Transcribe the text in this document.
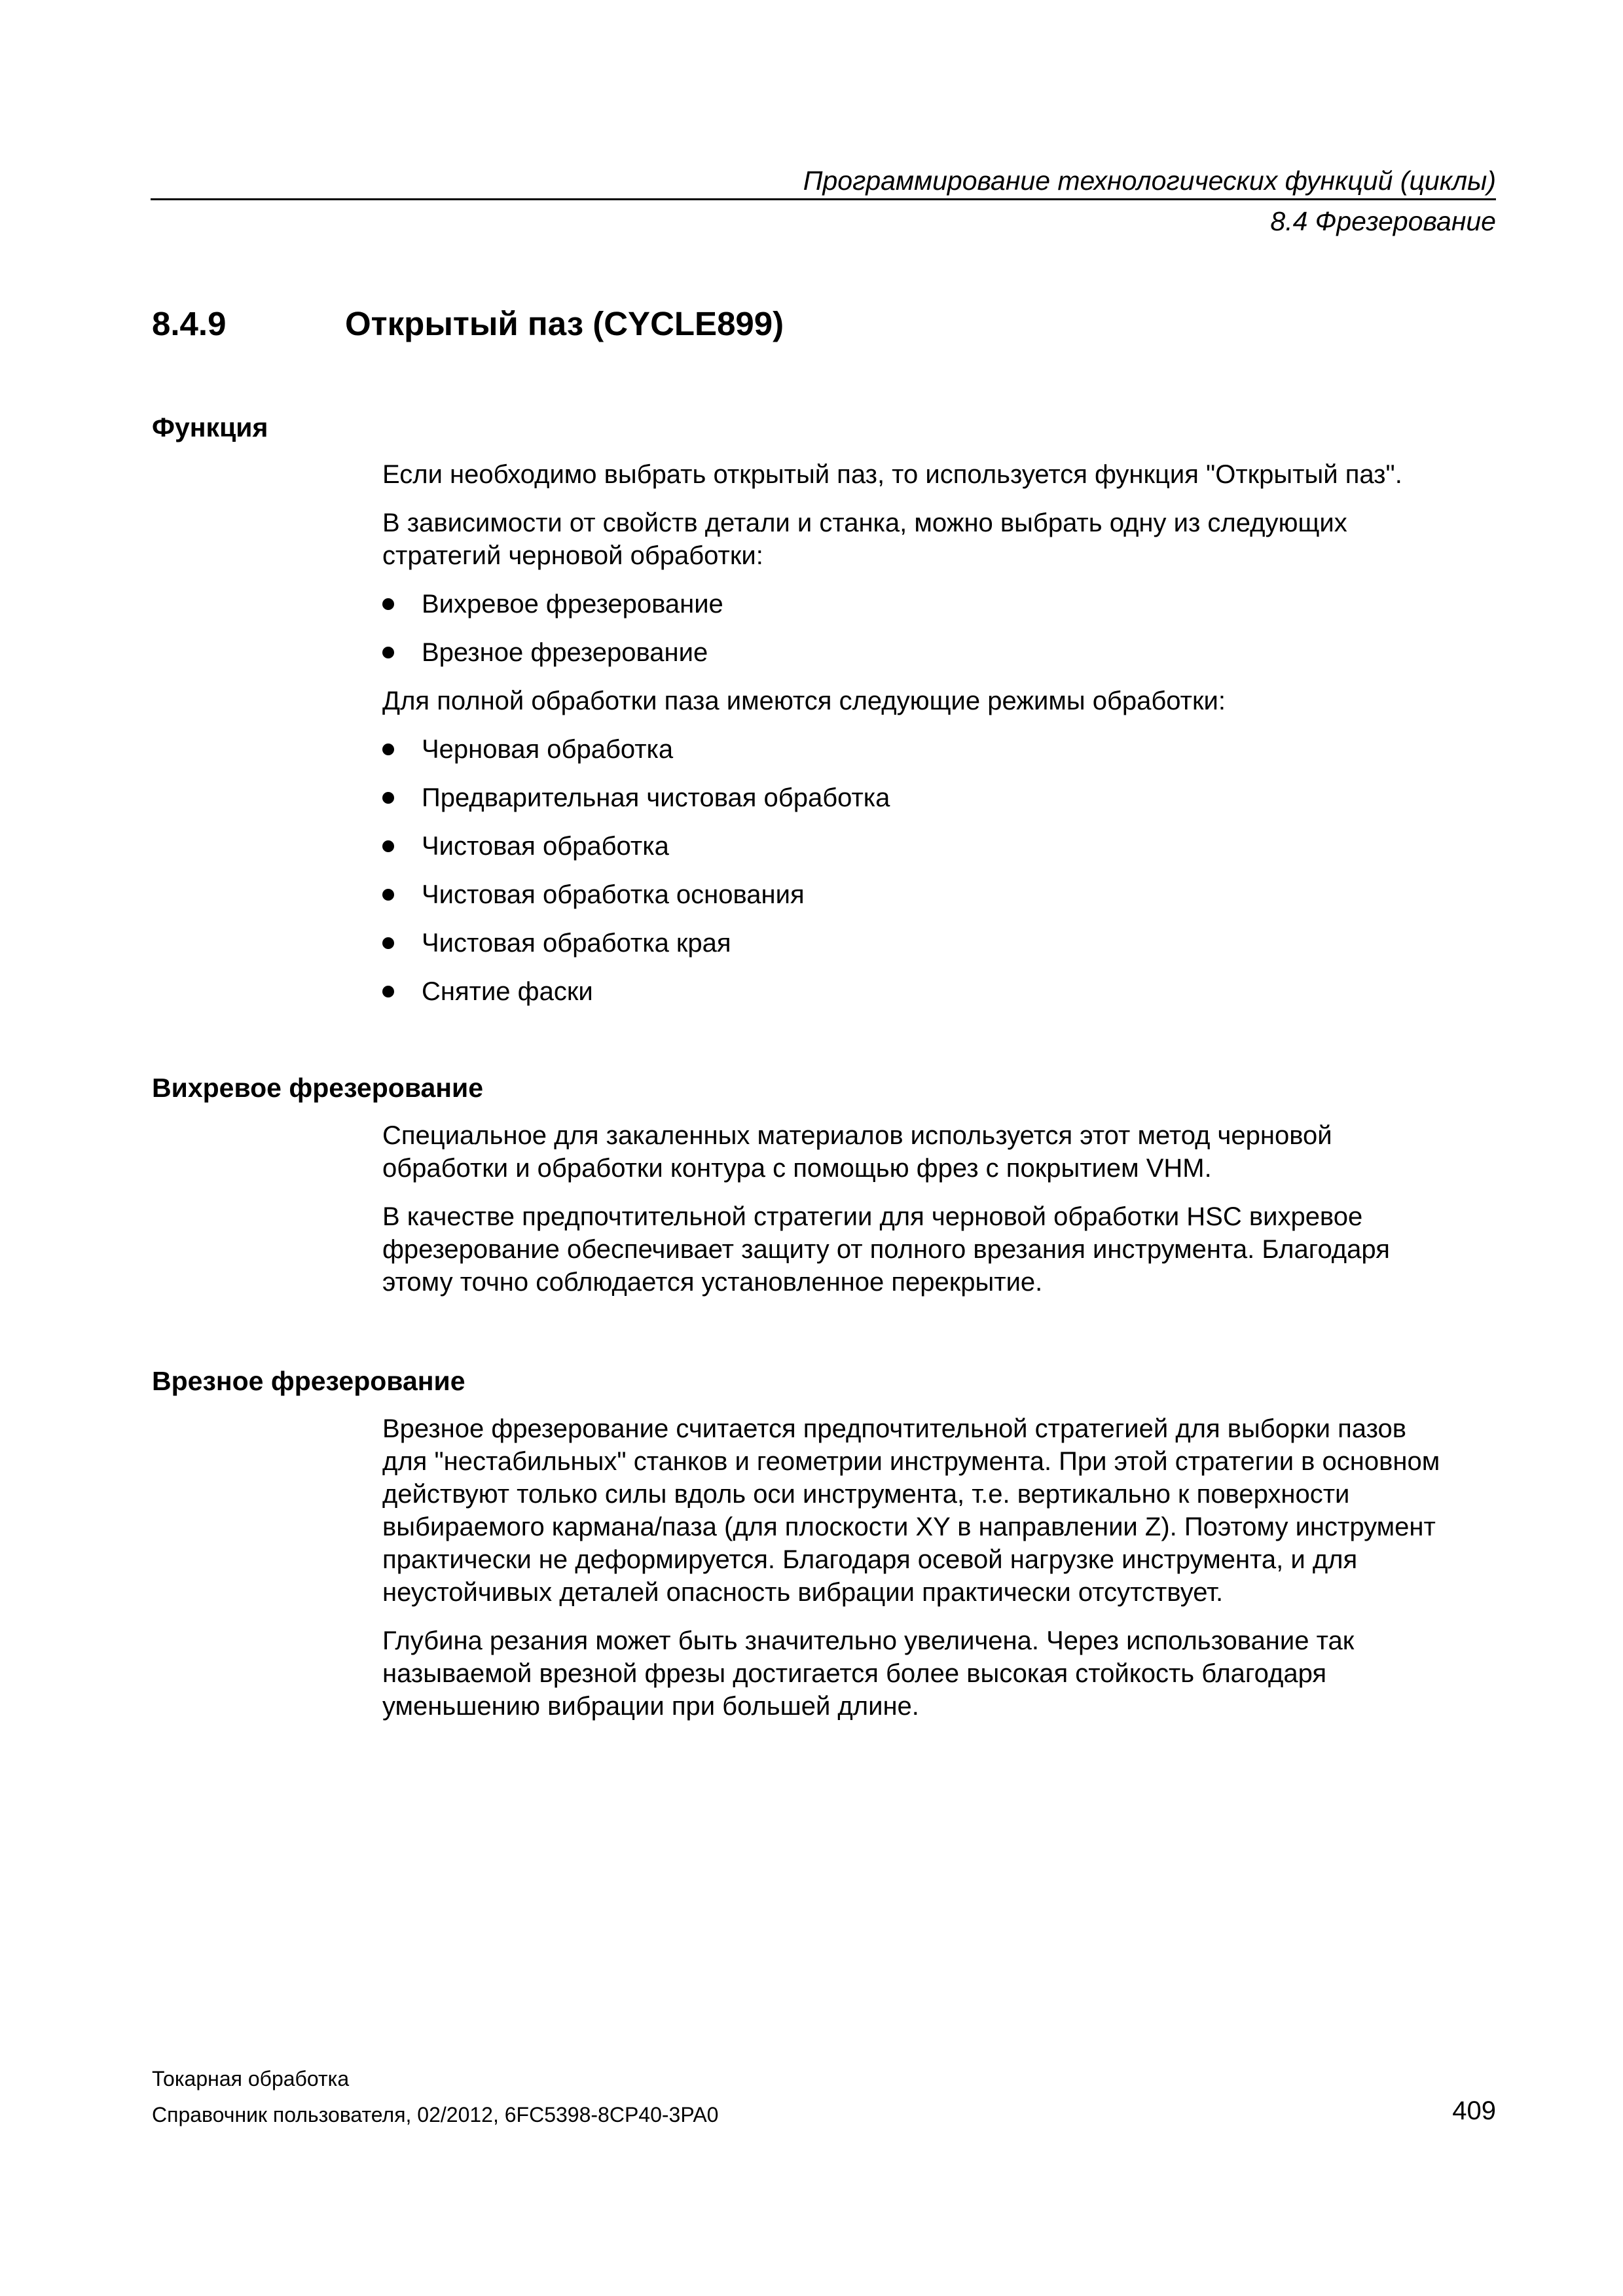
Программирование технологических функций (циклы)
8.4 Фрезерование
8.4.9	Открытый паз (CYCLE899)
Функция

Если необходимо выбрать открытый паз, то используется функция "Открытый паз".

В зависимости от свойств детали и станка, можно выбрать одну из следующих
стратегий черновой обработки:

Вихревое фрезерование
Врезное фрезерование

Для полной обработки паза имеются следующие режимы обработки:

Черновая обработка
Предварительная чистовая обработка
Чистовая обработка
Чистовая обработка основания
Чистовая обработка края
Снятие фаски
Вихревое фрезерование

Специальное для закаленных материалов используется этот метод черновой
обработки и обработки контура с помощью фрез с покрытием VHM.

В качестве предпочтительной стратегии для черновой обработки HSC вихревое
фрезерование обеспечивает защиту от полного врезания инструмента. Благодаря
этому точно соблюдается установленное перекрытие.

Врезное фрезерование

Врезное фрезерование считается предпочтительной стратегией для выборки пазов
для "нестабильных" станков и геометрии инструмента. При этой стратегии в основном
действуют только силы вдоль оси инструмента, т.е. вертикально к поверхности
выбираемого кармана/паза (для плоскости XY в направлении Z). Поэтому инструмент
практически не деформируется. Благодаря осевой нагрузке инструмента, и для
неустойчивых деталей опасность вибрации практически отсутствует.

Глубина резания может быть значительно увеличена. Через использование так
называемой врезной фрезы достигается более высокая стойкость благодаря
уменьшению вибрации при большей длине.

Токарная обработка
Справочник пользователя, 02/2012, 6FC5398-8CP40-3PA0	409
